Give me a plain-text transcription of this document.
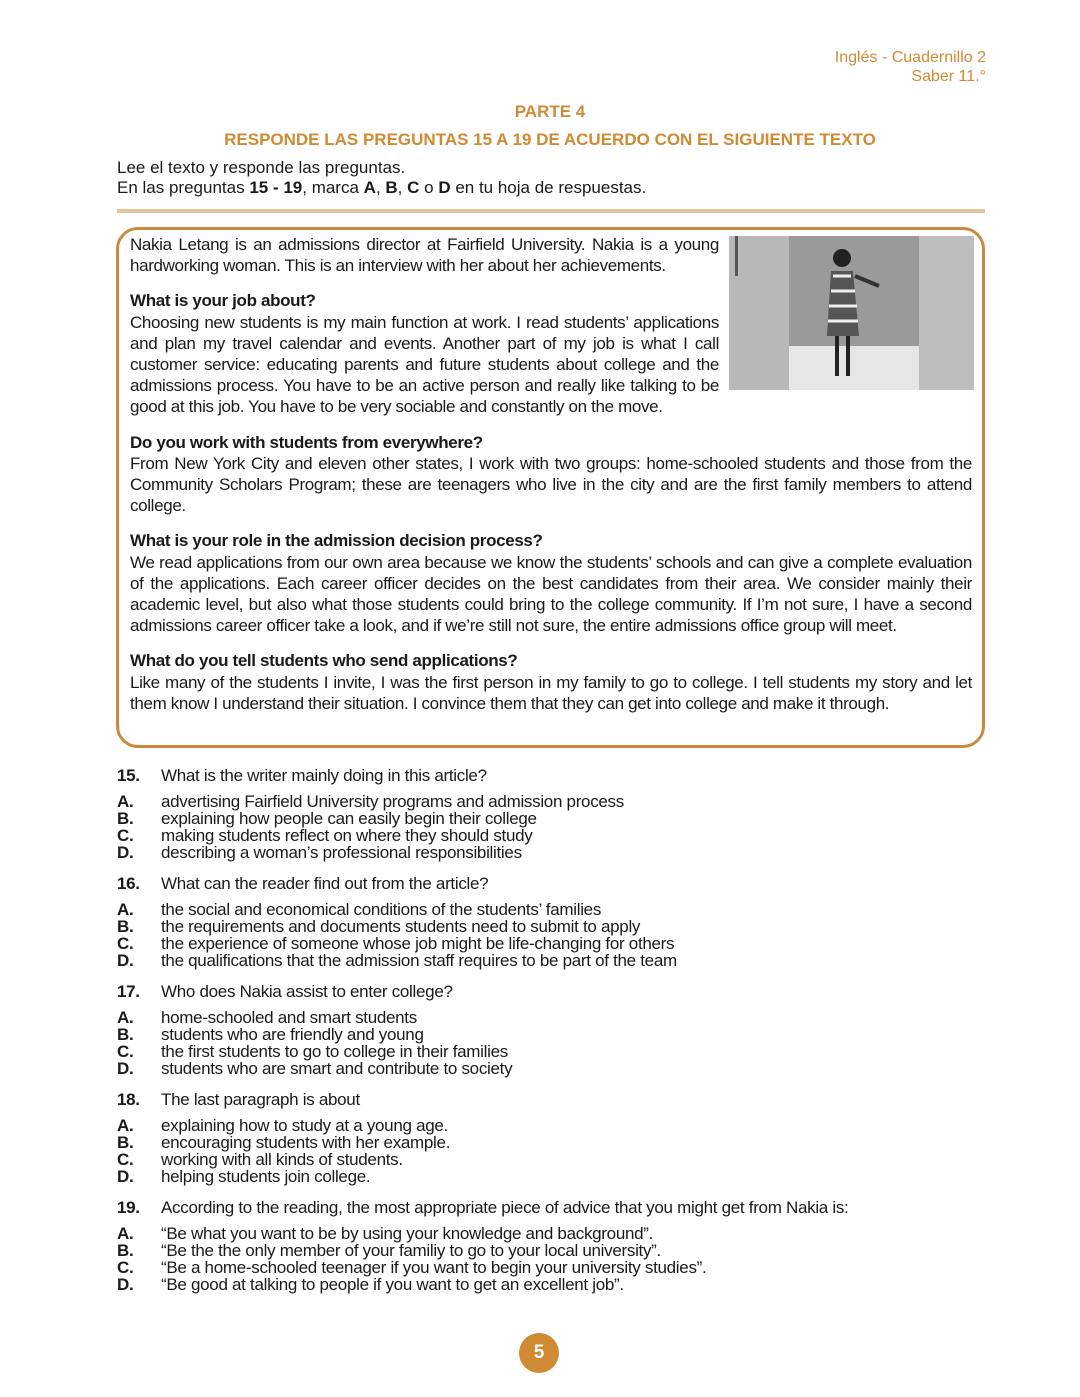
Inglés - Cuadernillo 2
Saber 11.°
PARTE 4
RESPONDE LAS PREGUNTAS 15 A 19 DE ACUERDO CON EL SIGUIENTE TEXTO
Lee el texto y responde las preguntas.
En las preguntas 15 - 19, marca A, B, C o D en tu hoja de respuestas.

Nakia Letang is an admissions director at Fairfield University. Nakia is a young hardworking woman. This is an interview with her about her achievements.

What is your job about?

Choosing new students is my main function at work. I read students’ applications and plan my travel calendar and events. Another part of my job is what I call customer service: educating parents and future students about college and the admissions process. You have to be an active person and really like talking to be good at this job. You have to be very sociable and constantly on the move.

Do you work with students from everywhere?

From New York City and eleven other states, I work with two groups: home-schooled students and those from the Community Scholars Program; these are teenagers who live in the city and are the first family members to attend college.

What is your role in the admission decision process?

We read applications from our own area because we know the students’ schools and can give a complete evaluation of the applications. Each career officer decides on the best candidates from their area. We consider mainly their academic level, but also what those students could bring to the college community. If I’m not sure, I have a second admissions career officer take a look, and if we’re still not sure, the entire admissions office group will meet.

What do you tell students who send applications?

Like many of the students I invite, I was the first person in my family to go to college. I tell students my story and let them know I understand their situation. I convince them that they can get into college and make it through.

15.	What is the writer mainly doing in this article?
A.	advertising Fairfield University programs and admission process
B.	explaining how people can easily begin their college
C.	making students reflect on where they should study
D.	describing a woman’s professional responsibilities
16.	What can the reader find out from the article?
A.	the social and economical conditions of the students’ families
B.	the requirements and documents students need to submit to apply
C.	the experience of someone whose job might be life-changing for others
D.	the qualifications that the admission staff requires to be part of the team
17.	Who does Nakia assist to enter college?
A.	home-schooled and smart students
B.	students who are friendly and young
C.	the first students to go to college in their families
D.	students who are smart and contribute to society
18.	The last paragraph is about
A.	explaining how to study at a young age.
B.	encouraging students with her example.
C.	working with all kinds of students.
D.	helping students join college.
19.	According to the reading, the most appropriate piece of advice that you might get from Nakia is:
A.	“Be what you want to be by using your knowledge and background”.
B.	“Be the the only member of your familiy to go to your local university”.
C.	“Be a home-schooled teenager if you want to begin your university studies”.
D.	“Be good at talking to people if you want to get an excellent job”.
5
